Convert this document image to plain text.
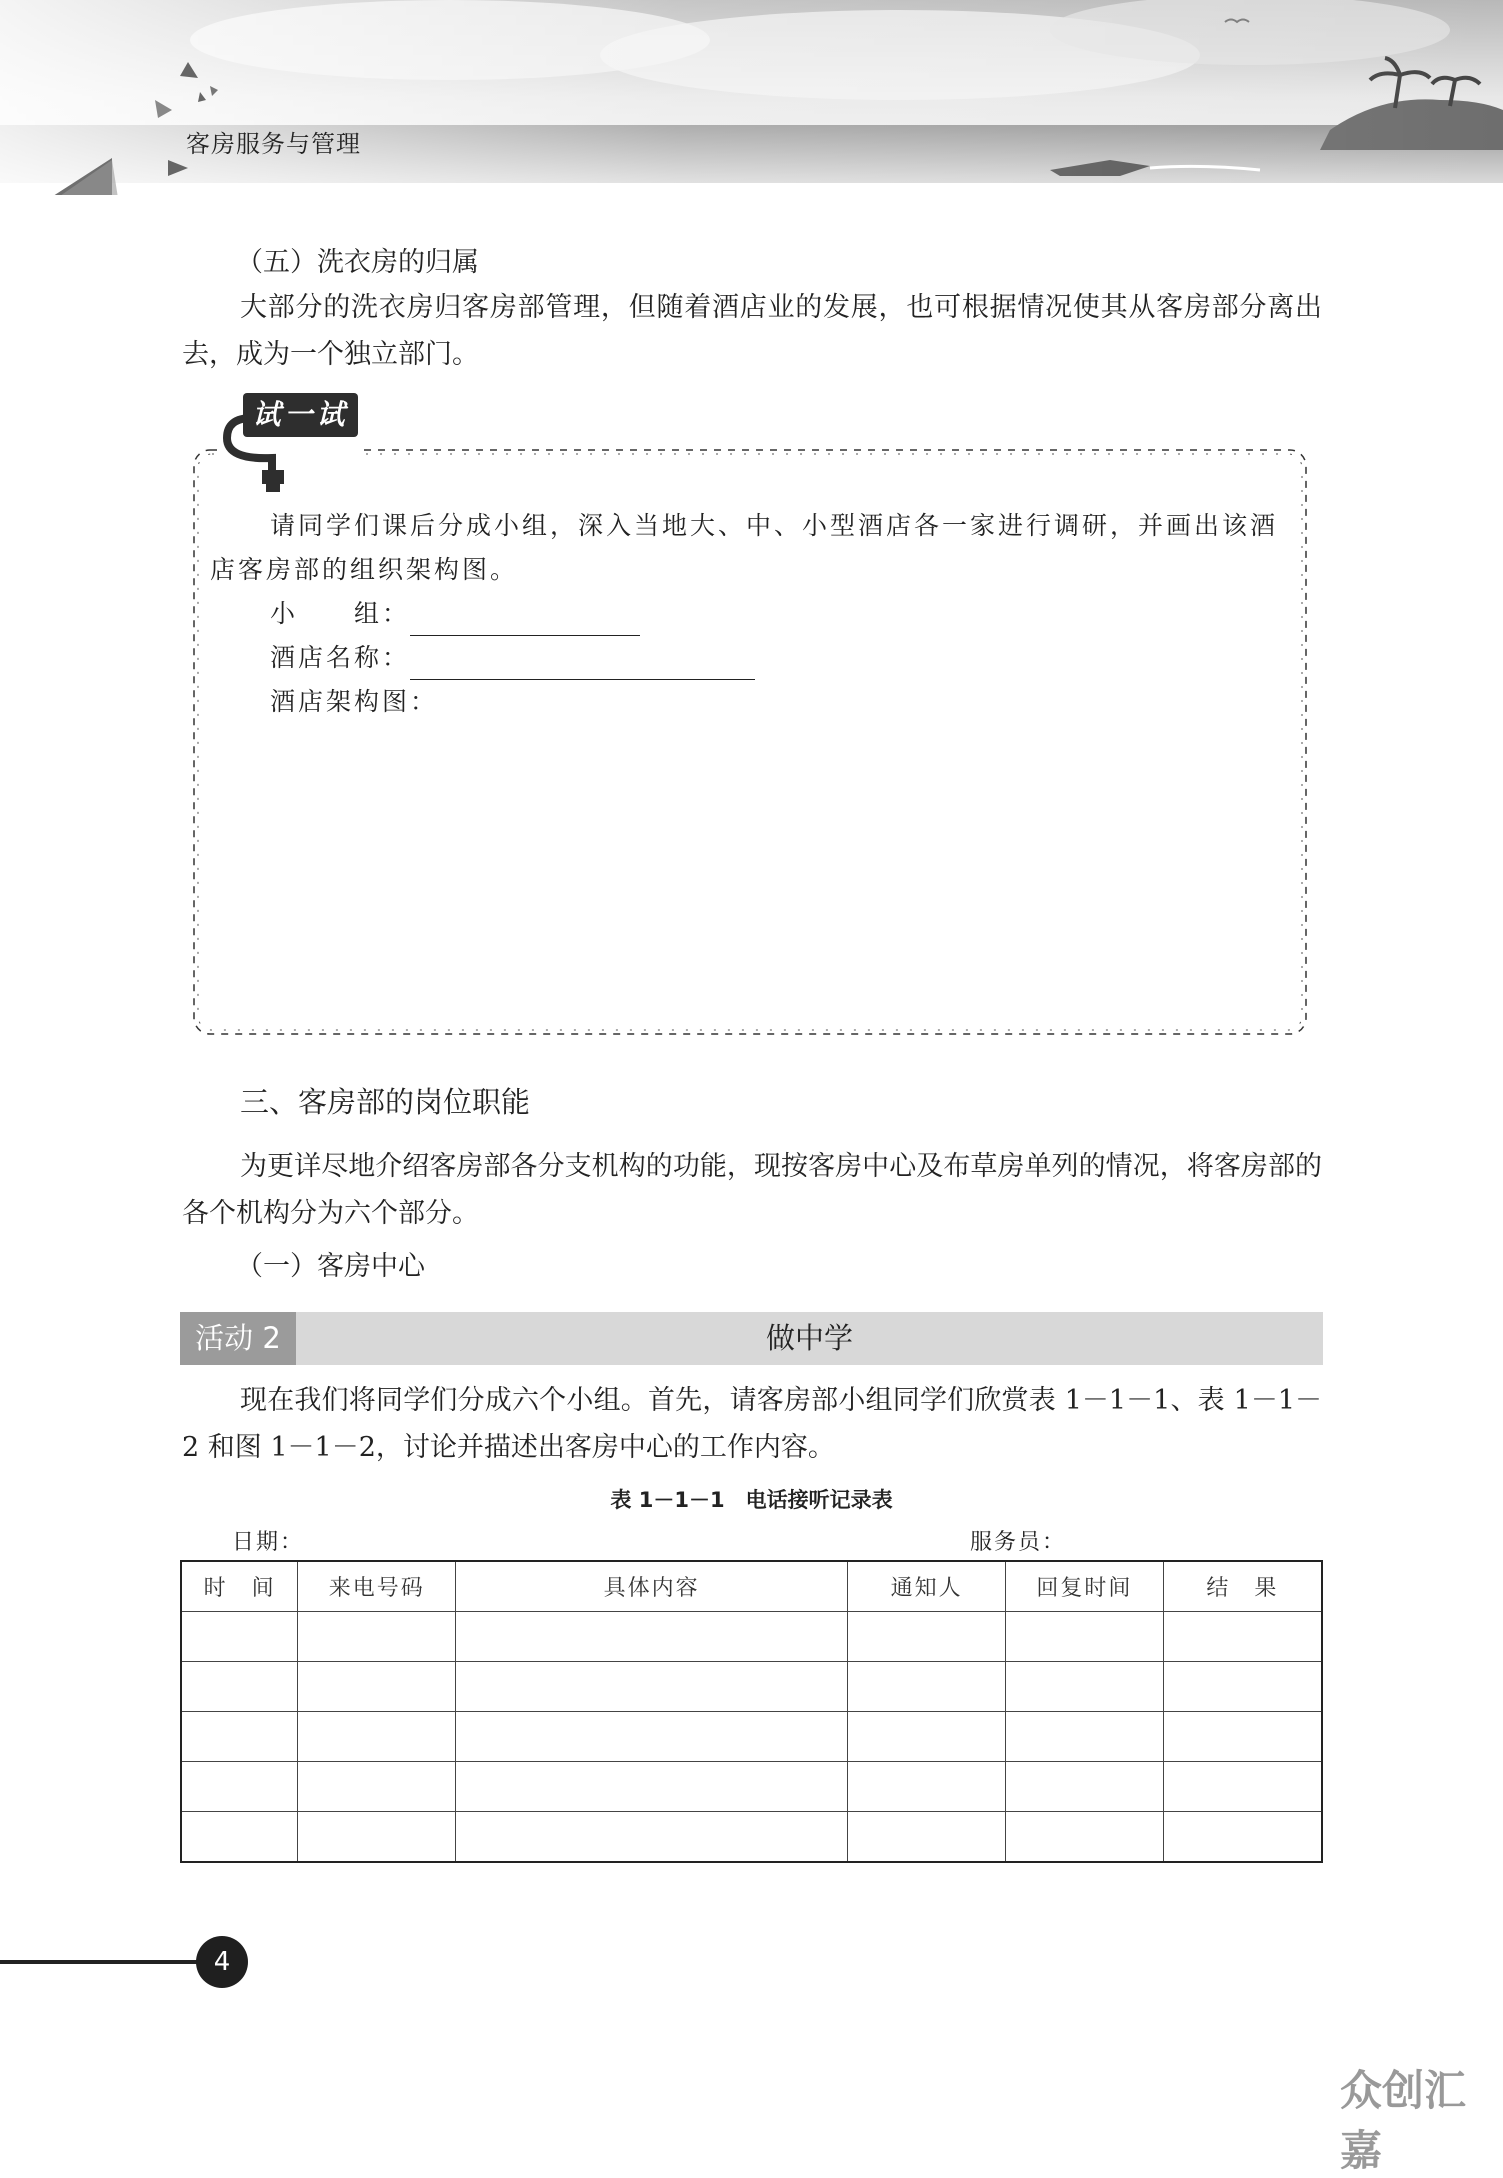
客房服务与管理
（五）洗衣房的归属
大部分的洗衣房归客房部管理，但随着酒店业的发展，也可根据情况使其从客房部分离出去，成为一个独立部门。
试一试
请同学们课后分成小组，深入当地大、中、小型酒店各一家进行调研，并画出该酒店客房部的组织架构图。
小　　组：
酒店名称：
酒店架构图：
三、客房部的岗位职能
为更详尽地介绍客房部各分支机构的功能，现按客房中心及布草房单列的情况，将客房部的各个机构分为六个部分。
（一）客房中心
活动 2	做中学
现在我们将同学们分成六个小组。首先，请客房部小组同学们欣赏表 1－1－1、表 1－1－2 和图 1－1－2，讨论并描述出客房中心的工作内容。
表 1－1－1　电话接听记录表
日期：	服务员：
时　间	来电号码	具体内容	通知人	回复时间	结　果

4
众创汇嘉
